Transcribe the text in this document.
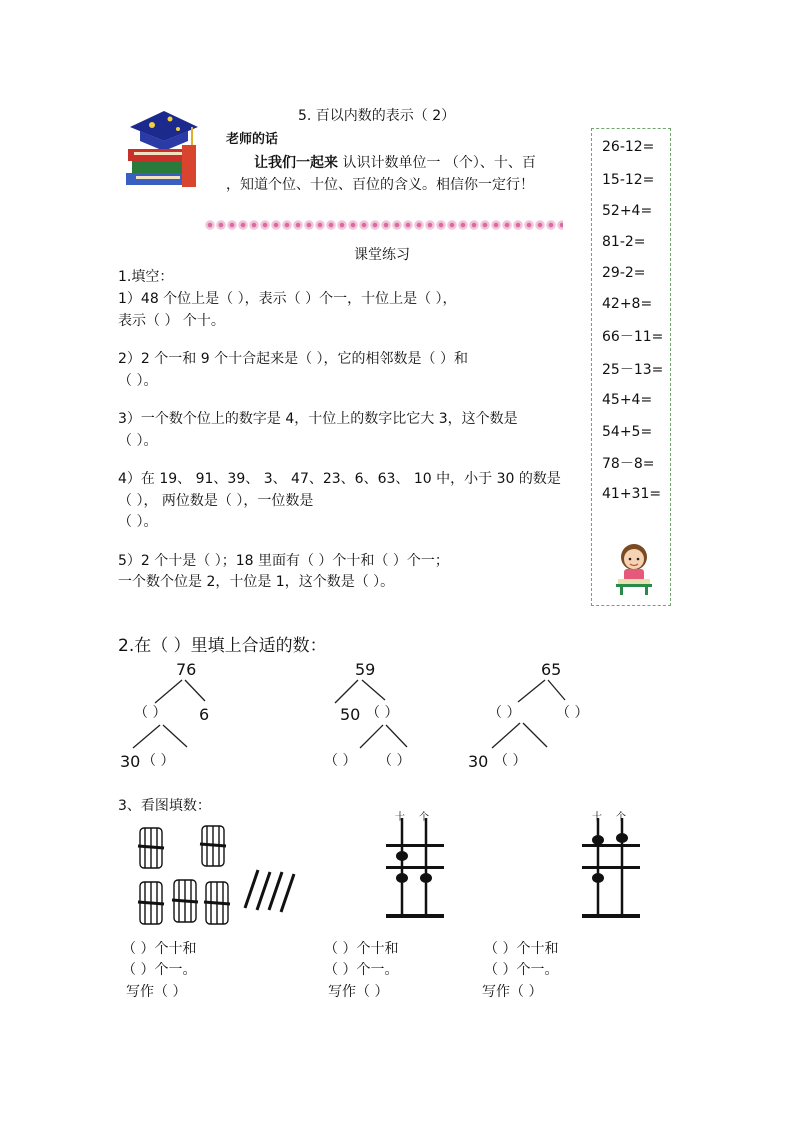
5. 百以内数的表示（ 2）
老师的话
让我们一起来 认识计数单位一 （个）、十、百
，知道个位、十位、百位的含义。相信你一定行！
26-12=
15-12=
52+4=
81-2=
29-2=
42+8=
66－11=
25－13=
45+4=
54+5=
78－8=
41+31=
课堂练习
1.填空：
1）48 个位上是（ ），表示（ ）个一，十位上是（ ），
表示（ ） 个十。
2）2 个一和 9 个十合起来是（ ），它的相邻数是（ ）和
（ ）。
3）一个数个位上的数字是 4，十位上的数字比它大 3，这个数是
（ ）。
4）在 19、 91、39、 3、 47、23、6、63、 10 中，小于 30 的数是
（ ）， 两位数是（ ），一位数是
（ ）。
5）2 个十是（ ）；18 里面有（ ）个十和（ ）个一；
一个数个位是 2，十位是 1，这个数是（ ）。
2.在（ ）里填上合适的数：
76
（ ） 6
30 （ ）
59
50 （ ）
（ ） （ ）
65
（ ）	（ ）
30 （ ）
3、看图填数：
十 个	十 个
（ ）个十和
（ ）个一。
写作（ ）
（ ）个十和
（ ）个一。
写作（ ）
（ ）个十和
（ ）个一。
写作（ ）
